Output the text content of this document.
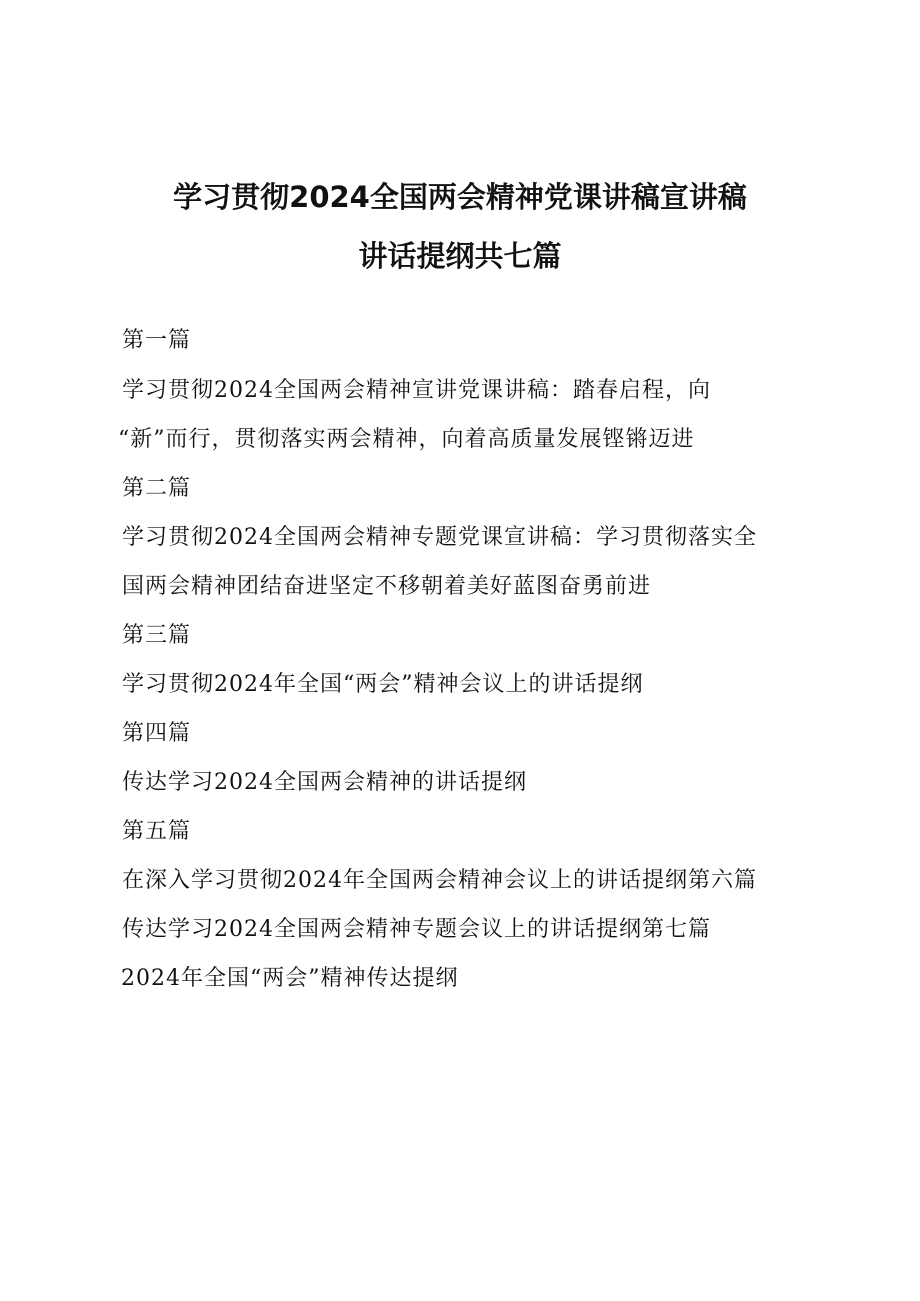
学习贯彻2024全国两会精神党课讲稿宣讲稿
讲话提纲共七篇
第一篇
学习贯彻2024全国两会精神宣讲党课讲稿：踏春启程，向
“新”而行，贯彻落实两会精神，向着高质量发展铿锵迈进
第二篇
学习贯彻2024全国两会精神专题党课宣讲稿：学习贯彻落实全
国两会精神团结奋进坚定不移朝着美好蓝图奋勇前进
第三篇
学习贯彻2024年全国“两会”精神会议上的讲话提纲
第四篇
传达学习2024全国两会精神的讲话提纲
第五篇
在深入学习贯彻2024年全国两会精神会议上的讲话提纲第六篇
传达学习2024全国两会精神专题会议上的讲话提纲第七篇
2024年全国“两会”精神传达提纲
